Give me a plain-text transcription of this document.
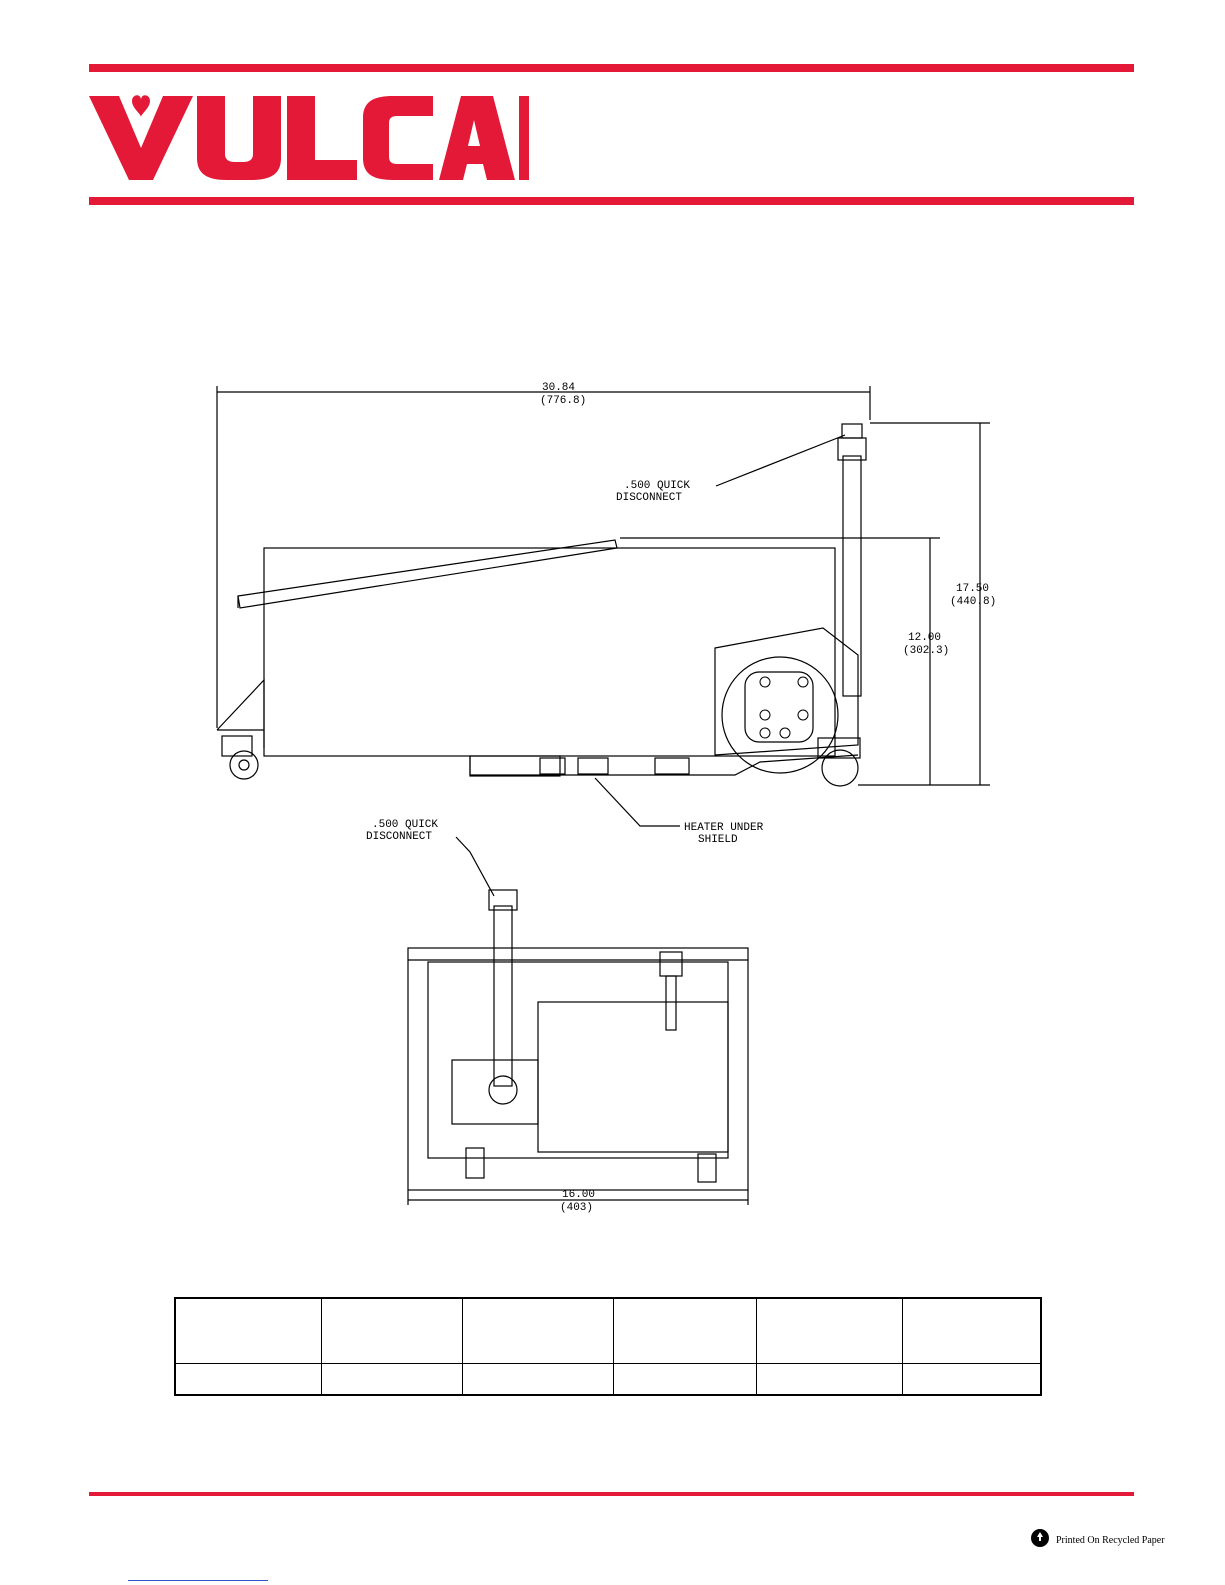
30.84
(776.8)
17.50
(440.8)
12.00
(302.3)
.500 QUICK
DISCONNECT
HEATER UNDER
SHIELD
.500 QUICK
DISCONNECT
16.00
(403)

Printed On Recycled Paper
